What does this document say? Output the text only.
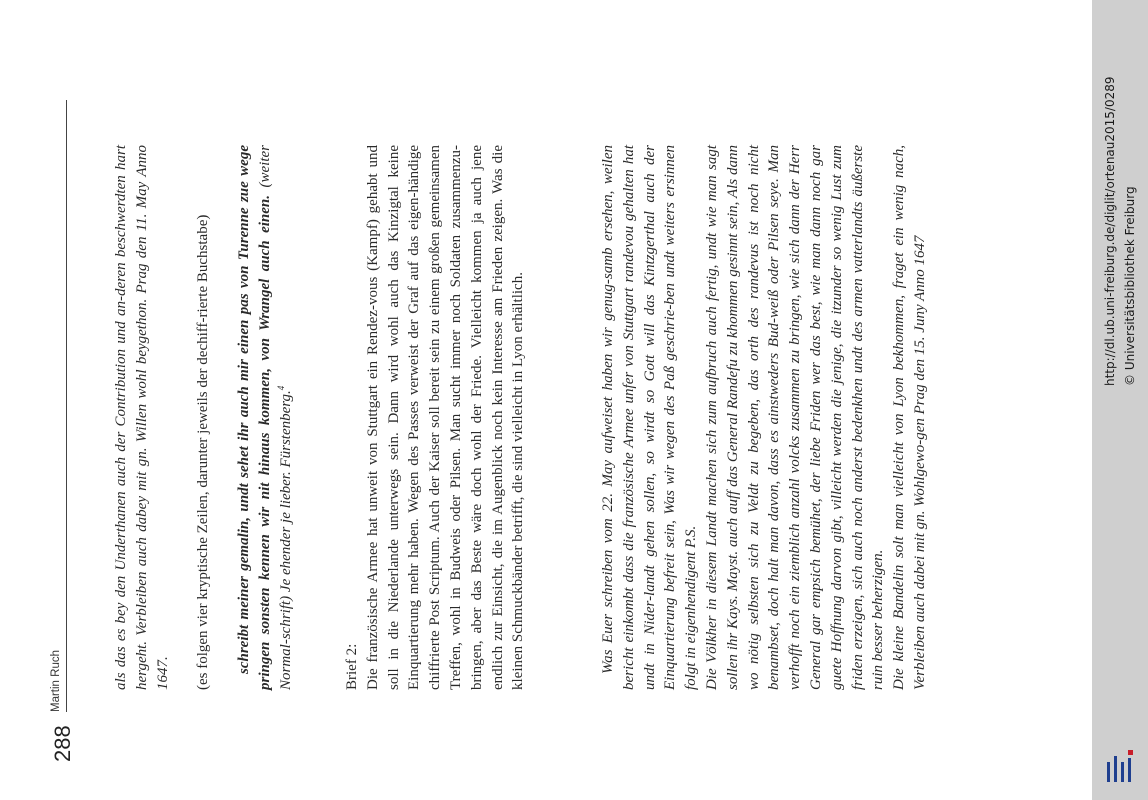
288
Martin Ruch	als das es bey den Underthanen auch der Contribution und an-deren beschwerdten hart hergeht. Verbleiben auch dabey mit gn. Willen wohl beygethon. Prag den 11. May Anno 1647. (es folgen vier kryptische Zeilen, darunter jeweils der dechiff-rierte Buchstabe) schreibt meiner gemalin, undt sehet ihr auch mir einen pas von Turenne zue wege pringen sonsten kennen wir nit hinaus kommen, von Wrangel auch einen. (weiter Normal-schrift) Je ehender je lieber. Fürstenberg.$^4$

Brief 2: Die französische Armee hat unweit von Stuttgart ein Rendez-vous (Kampf) gehabt und soll in die Niederlande unterwegs sein. Dann wird wohl auch das Kinzigtal keine Einquartierung mehr haben. Wegen des Passes verweist der Graf auf das eigen-händige chiffrierte Post Scriptum. Auch der Kaiser soll bereit sein zu einem großen gemeinsamen Treffen, wohl in Budweis oder Pilsen. Man sucht immer noch Soldaten zusammenzu-bringen, aber das Beste wäre doch wohl der Friede. Vielleicht kommen ja auch jene endlich zur Einsicht, die im Augenblick noch kein Interesse am Frieden zeigen. Was die kleinen Schmuckbänder betrifft, die sind vielleicht in Lyon erhältlich.	Was Euer schreiben vom 22. May aufweiset haben wir genug-samb ersehen, weilen bericht einkombt dass die französische Armee unfer von Stuttgart randevou gehalten hat undt in Nider-landt gehen sollen, so wirdt so Gott will das Kintzgerthal auch der Einquartierung befreit sein, Was wir wegen des Paß geschrie-ben undt weiters ersinnen folgt in eigenhendigent P.S. Die Völkher in diesem Landt machen sich zum aufbruch auch fertig, undt wie man sagt sollen ihr Kays. Mayst. auch auff das General Randefu zu khommen gesinnt sein, Als dann wo nötig selbsten sich zu Veldt zu begeben, das orth des randevus ist noch nicht benambset, doch halt man davon, dass es ainstweders Bud-weiß oder Pilsen seye. Man verhofft noch ein ziemblich anzahl volcks zusammen zu bringen, wie sich dann der Herr General gar empsich bemühet, der liebe Friden wer das best, wie man dann noch gar guete Hoffnung darvon gibt, villeicht werden die jenige, die itzunder so wenig Lust zum friden erzeigen, sich auch noch anderst bedenkhen undt des armen vatterlandts äußerste ruin besser beherzigen. Die kleine Bandelin solt man vielleicht von Lyon bekhommen, fraget ein wenig nach, Verbleiben auch dabei mit gn. Wohlgewo-gen Prag den 15. Juny Anno 1647
http://dl.ub.uni-freiburg.de/diglit/ortenau2015/0289 © Universitätsbibliothek Freiburg
